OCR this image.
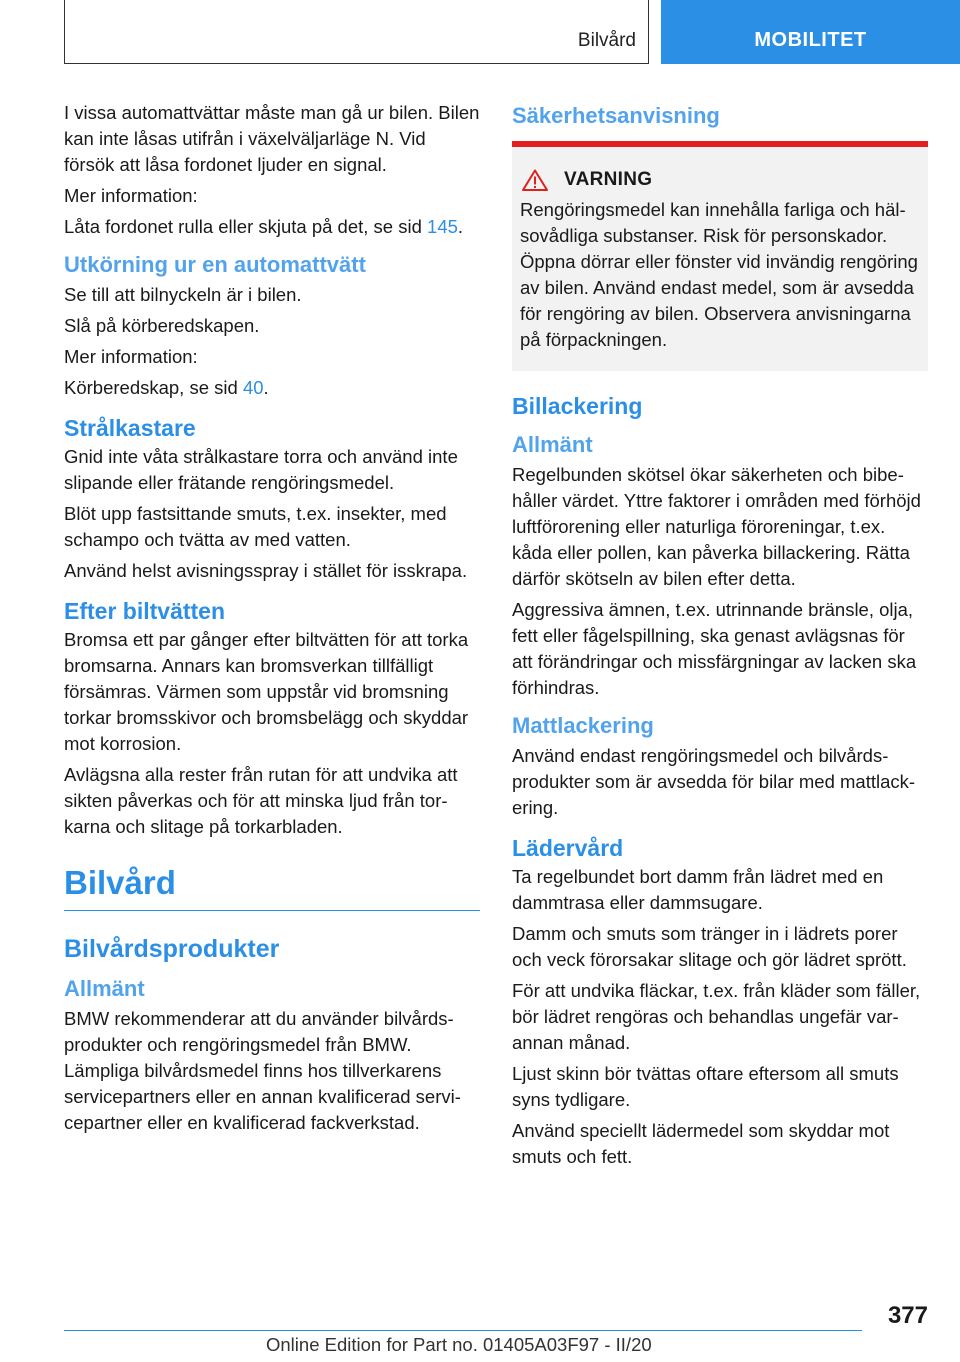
Bilvård	MOBILITET

I vissa automattvättar måste man gå ur bilen. Bilen kan inte låsas utifrån i växelväljarläge N. Vid försök att låsa fordonet ljuder en signal.

Mer information:

Låta fordonet rulla eller skjuta på det, se sid 145.

Utkörning ur en automattvätt

Se till att bilnyckeln är i bilen.

Slå på körberedskapen.

Mer information:

Körberedskap, se sid 40.

Strålkastare

Gnid inte våta strålkastare torra och använd inte slipande eller frätande rengöringsmedel.

Blöt upp fastsittande smuts, t.ex. insekter, med schampo och tvätta av med vatten.

Använd helst avisningsspray i stället för isskrapa.

Efter biltvätten

Bromsa ett par gånger efter biltvätten för att torka bromsarna. Annars kan bromsverkan tillfälligt försämras. Värmen som uppstår vid bromsning torkar bromsskivor och bromsbelägg och skyddar mot korrosion.

Avlägsna alla rester från rutan för att undvika att sikten påverkas och för att minska ljud från torkarna och slitage på torkarbladen.

Bilvård
Bilvårdsprodukter
Allmänt

BMW rekommenderar att du använder bilvårdsprodukter och rengöringsmedel från BMW. Lämpliga bilvårdsmedel finns hos tillverkarens servicepartners eller en annan kvalificerad servicepartner eller en kvalificerad fackverkstad.

Säkerhetsanvisning
VARNING

Rengöringsmedel kan innehålla farliga och hälsovådliga substanser. Risk för personskador. Öppna dörrar eller fönster vid invändig rengöring av bilen. Använd endast medel, som är avsedda för rengöring av bilen. Observera anvisningarna på förpackningen.

Billackering
Allmänt

Regelbunden skötsel ökar säkerheten och bibehåller värdet. Yttre faktorer i områden med förhöjd luftförorening eller naturliga föroreningar, t.ex. kåda eller pollen, kan påverka billackering. Rätta därför skötseln av bilen efter detta.

Aggressiva ämnen, t.ex. utrinnande bränsle, olja, fett eller fågelspillning, ska genast avlägsnas för att förändringar och missfärgningar av lacken ska förhindras.

Mattlackering

Använd endast rengöringsmedel och bilvårdsprodukter som är avsedda för bilar med mattlackering.

Lädervård

Ta regelbundet bort damm från lädret med en dammtrasa eller dammsugare.

Damm och smuts som tränger in i lädrets porer och veck förorsakar slitage och gör lädret sprött.

För att undvika fläckar, t.ex. från kläder som fäller, bör lädret rengöras och behandlas ungefär varannan månad.

Ljust skinn bör tvättas oftare eftersom all smuts syns tydligare.

Använd speciellt lädermedel som skyddar mot smuts och fett.

377
Online Edition for Part no. 01405A03F97 - II/20
